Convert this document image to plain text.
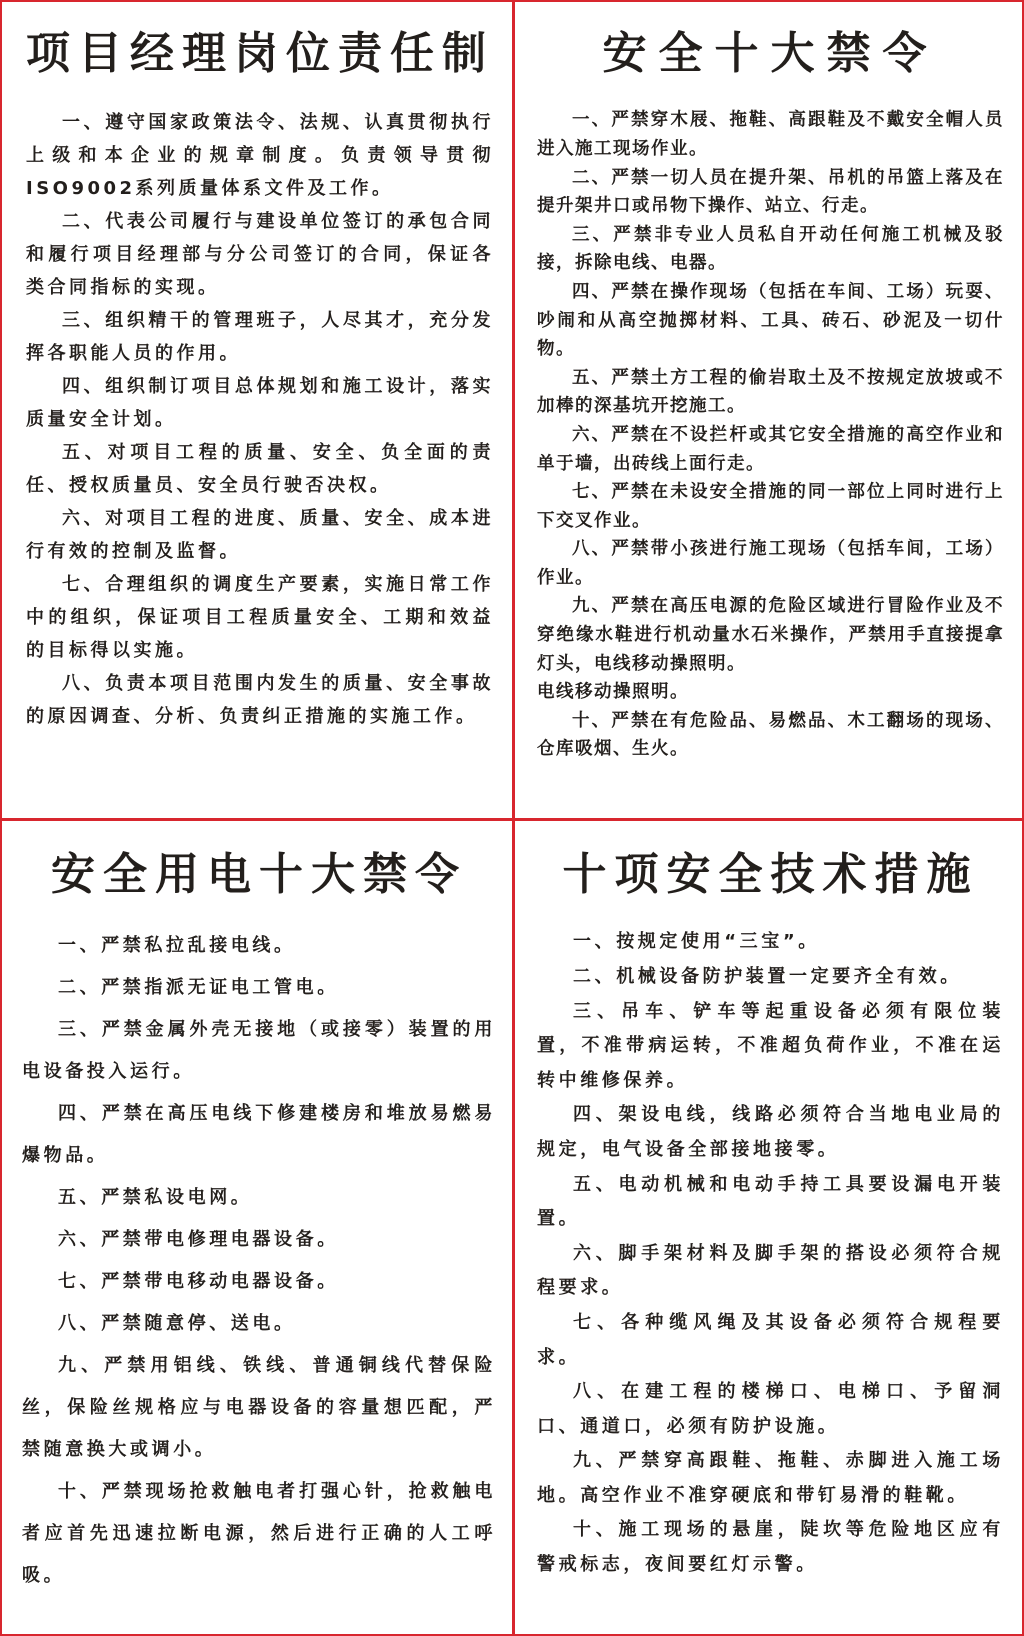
项目经理岗位责任制
一、遵守国家政策法令、法规、认真贯彻执行上级和本企业的规章制度。负责领导贯彻ISO9002系列质量体系文件及工作。
二、代表公司履行与建设单位签订的承包合同和履行项目经理部与分公司签订的合同，保证各类合同指标的实现。
三、组织精干的管理班子，人尽其才，充分发挥各职能人员的作用。
四、组织制订项目总体规划和施工设计，落实质量安全计划。
五、对项目工程的质量、安全、负全面的责任、授权质量员、安全员行驶否决权。
六、对项目工程的进度、质量、安全、成本进行有效的控制及监督。
七、合理组织的调度生产要素，实施日常工作中的组织，保证项目工程质量安全、工期和效益的目标得以实施。
八、负责本项目范围内发生的质量、安全事故的原因调查、分析、负责纠正措施的实施工作。
安全十大禁令
一、严禁穿木屐、拖鞋、高跟鞋及不戴安全帽人员进入施工现场作业。
二、严禁一切人员在提升架、吊机的吊篮上落及在提升架井口或吊物下操作、站立、行走。
三、严禁非专业人员私自开动任何施工机械及驳接，拆除电线、电器。
四、严禁在操作现场（包括在车间、工场）玩耍、吵闹和从高空抛掷材料、工具、砖石、砂泥及一切什物。
五、严禁土方工程的偷岩取土及不按规定放坡或不加棒的深基坑开挖施工。
六、严禁在不设拦杆或其它安全措施的高空作业和单于墙，出砖线上面行走。
七、严禁在未设安全措施的同一部位上同时进行上下交叉作业。
八、严禁带小孩进行施工现场（包括车间，工场）作业。
九、严禁在高压电源的危险区域进行冒险作业及不穿绝缘水鞋进行机动量水石米操作，严禁用手直接提拿灯头，电线移动操照明。
电线移动操照明。
十、严禁在有危险品、易燃品、木工翻场的现场、仓库吸烟、生火。
安全用电十大禁令
一、严禁私拉乱接电线。
二、严禁指派无证电工管电。
三、严禁金属外壳无接地（或接零）装置的用电设备投入运行。
四、严禁在高压电线下修建楼房和堆放易燃易爆物品。
五、严禁私设电网。
六、严禁带电修理电器设备。
七、严禁带电移动电器设备。
八、严禁随意停、送电。
九、严禁用铝线、铁线、普通铜线代替保险丝，保险丝规格应与电器设备的容量想匹配，严禁随意换大或调小。
十、严禁现场抢救触电者打强心针，抢救触电者应首先迅速拉断电源，然后进行正确的人工呼吸。
十项安全技术措施
一、按规定使用“三宝”。
二、机械设备防护装置一定要齐全有效。
三、吊车、铲车等起重设备必须有限位装置，不准带病运转，不准超负荷作业，不准在运转中维修保养。
四、架设电线，线路必须符合当地电业局的规定，电气设备全部接地接零。
五、电动机械和电动手持工具要设漏电开装置。
六、脚手架材料及脚手架的搭设必须符合规程要求。
七、各种缆风绳及其设备必须符合规程要求。
八、在建工程的楼梯口、电梯口、予留洞口、通道口，必须有防护设施。
九、严禁穿高跟鞋、拖鞋、赤脚进入施工场地。高空作业不准穿硬底和带钉易滑的鞋靴。
十、施工现场的悬崖，陡坎等危险地区应有警戒标志，夜间要红灯示警。
